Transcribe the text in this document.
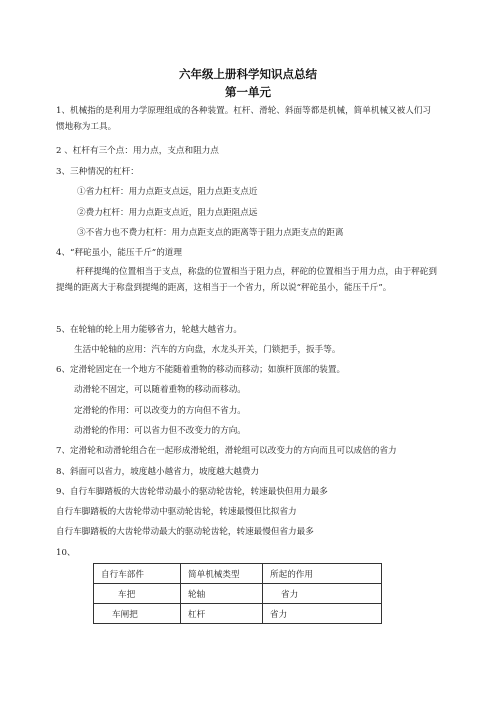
六年级上册科学知识点总结
第一单元
1、机械指的是利用力学原理组成的各种装置。杠杆、滑轮、斜面等都是机械，简单机械又被人们习惯地称为工具。
2 、杠杆有三个点：用力点，支点和阻力点
3、三种情况的杠杆：
①省力杠杆：用力点距支点远，阻力点距支点近
②费力杠杆：用力点距支点近，阻力点距阻点远
③不省力也不费力杠杆：用力点距支点的距离等于阻力点距支点的距离
4、“秤砣虽小，能压千斤”的道理
杆秤提绳的位置相当于支点，称盘的位置相当于阻力点，秤砣的位置相当于用力点，由于秤砣到提绳的距离大于称盘到提绳的距离，这相当于一个省力，所以说“秤砣虽小，能压千斤”。
5、在轮轴的轮上用力能够省力，轮越大越省力。
生活中轮轴的应用：汽车的方向盘，水龙头开关，门锁把手，扳手等。
6、定滑轮固定在一个地方不能随着重物的移动而移动；如旗杆顶部的装置。
动滑轮不固定，可以随着重物的移动而移动。
定滑轮的作用：可以改变力的方向但不省力。
动滑轮的作用：可以省力但不改变力的方向。
7、定滑轮和动滑轮组合在一起形成滑轮组，滑轮组可以改变力的方向而且可以成倍的省力
8、斜面可以省力，坡度越小越省力，坡度越大越费力
9、自行车脚踏板的大齿轮带动最小的驱动轮齿轮，转速最快但用力最多
自行车脚踏板的大齿轮带动中驱动轮齿轮，转速最慢但比拟省力
自行车脚踏板的大齿轮带动最大的驱动轮齿轮，转速最慢但省力最多
10、
自行车部件	简单机械类型	所起的作用
车把	轮轴	省力
车闸把	杠杆	省力
